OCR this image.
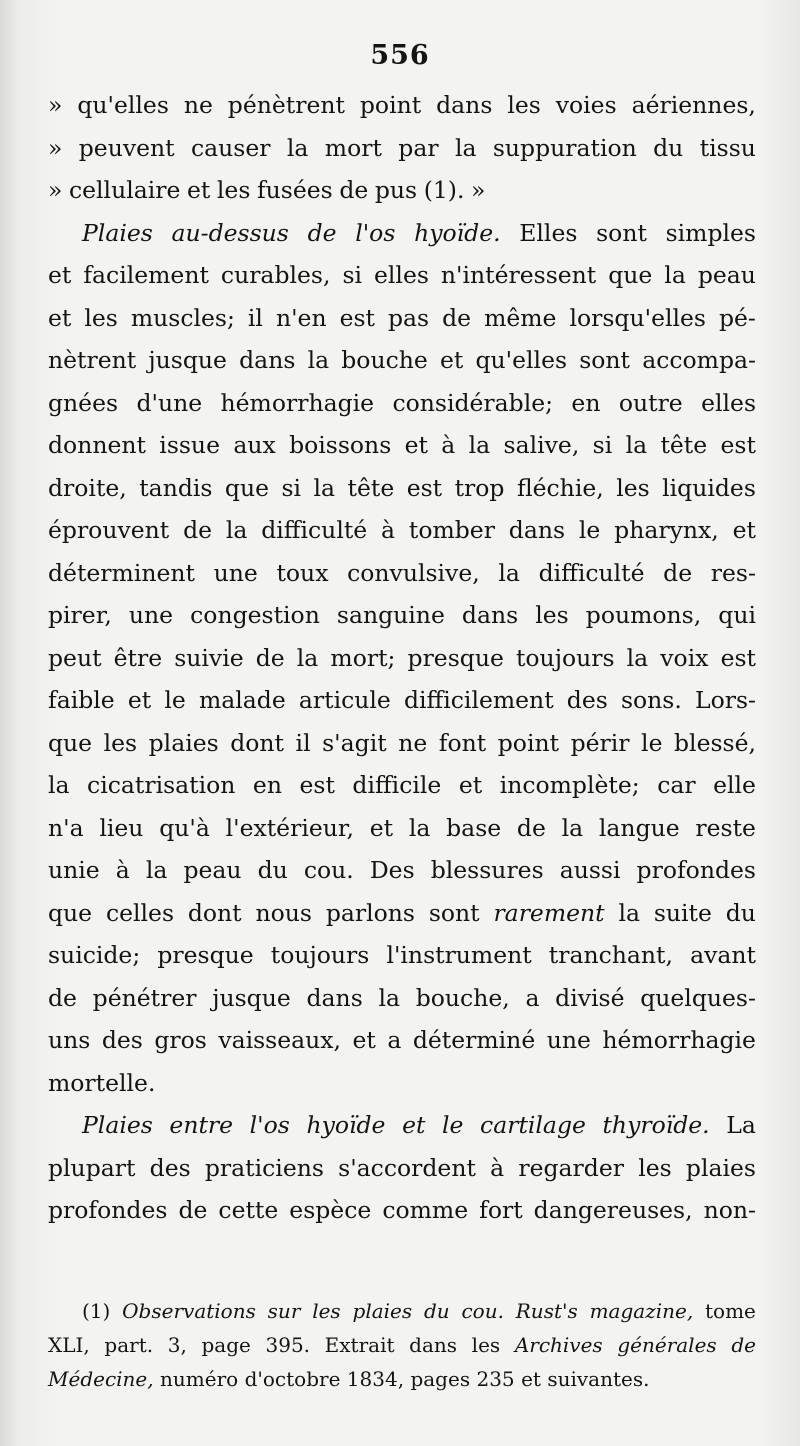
556
» qu'elles ne pénètrent point dans les voies aériennes,
» peuvent causer la mort par la suppuration du tissu
» cellulaire et les fusées de pus (1). »
Plaies au-dessus de l'os hyoïde. Elles sont simples
et facilement curables, si elles n'intéressent que la peau
et les muscles; il n'en est pas de même lorsqu'elles pé-
nètrent jusque dans la bouche et qu'elles sont accompa-
gnées d'une hémorrhagie considérable; en outre elles
donnent issue aux boissons et à la salive, si la tête est
droite, tandis que si la tête est trop fléchie, les liquides
éprouvent de la difficulté à tomber dans le pharynx, et
déterminent une toux convulsive, la difficulté de res-
pirer, une congestion sanguine dans les poumons, qui
peut être suivie de la mort; presque toujours la voix est
faible et le malade articule difficilement des sons. Lors-
que les plaies dont il s'agit ne font point périr le blessé,
la cicatrisation en est difficile et incomplète; car elle
n'a lieu qu'à l'extérieur, et la base de la langue reste
unie à la peau du cou. Des blessures aussi profondes
que celles dont nous parlons sont rarement la suite du
suicide; presque toujours l'instrument tranchant, avant
de pénétrer jusque dans la bouche, a divisé quelques-
uns des gros vaisseaux, et a déterminé une hémorrhagie
mortelle.
Plaies entre l'os hyoïde et le cartilage thyroïde. La
plupart des praticiens s'accordent à regarder les plaies
profondes de cette espèce comme fort dangereuses, non-
(1) Observations sur les plaies du cou. Rust's magazine, tome
XLI, part. 3, page 395. Extrait dans les Archives générales de
Médecine, numéro d'octobre 1834, pages 235 et suivantes.
